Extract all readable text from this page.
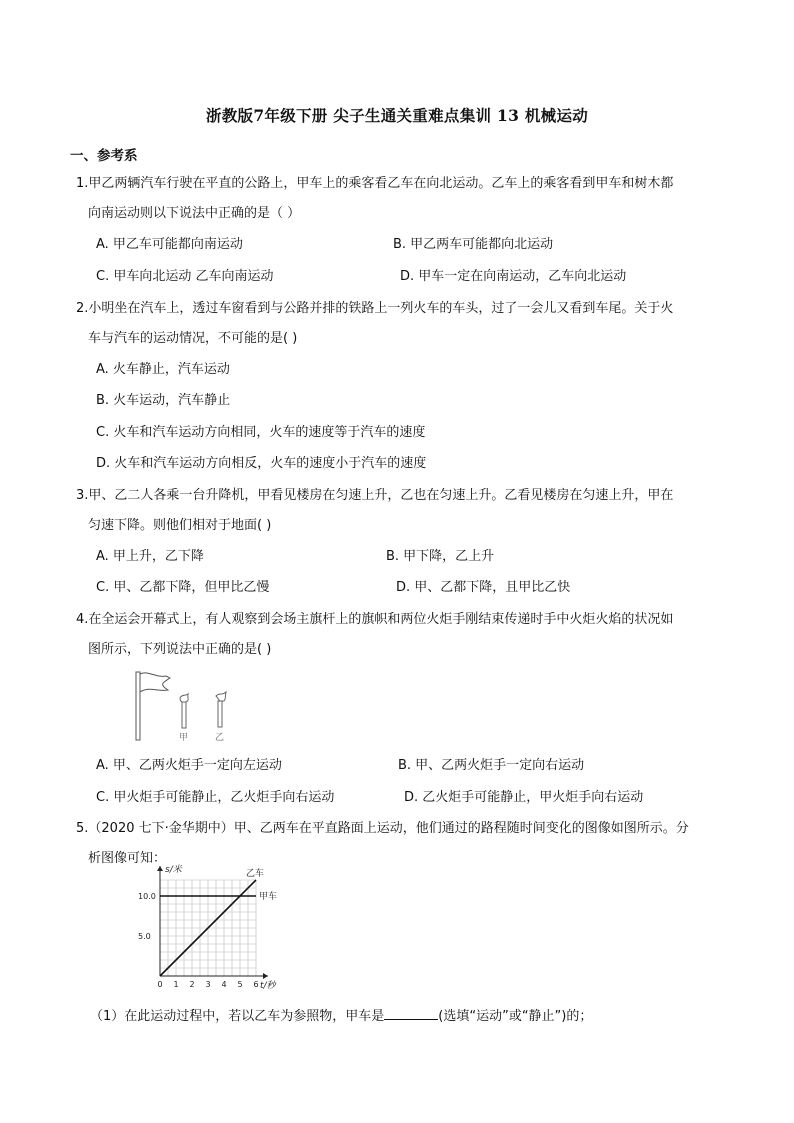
浙教版7年级下册 尖子生通关重难点集训 13 机械运动
一、参考系
1.甲乙两辆汽车行驶在平直的公路上，甲车上的乘客看乙车在向北运动。乙车上的乘客看到甲车和树木都
向南运动则以下说法中正确的是（ ）
A. 甲乙车可能都向南运动	B. 甲乙两车可能都向北运动
C. 甲车向北运动 乙车向南运动	D. 甲车一定在向南运动，乙车向北运动
2.小明坐在汽车上，透过车窗看到与公路并排的铁路上一列火车的车头，过了一会儿又看到车尾。关于火
车与汽车的运动情况，不可能的是( )
A. 火车静止，汽车运动
B. 火车运动，汽车静止
C. 火车和汽车运动方向相同，火车的速度等于汽车的速度
D. 火车和汽车运动方向相反，火车的速度小于汽车的速度
3.甲、乙二人各乘一台升降机，甲看见楼房在匀速上升，乙也在匀速上升。乙看见楼房在匀速上升，甲在
匀速下降。则他们相对于地面( )
A. 甲上升，乙下降	B. 甲下降，乙上升
C. 甲、乙都下降，但甲比乙慢	D. 甲、乙都下降，且甲比乙快
4.在全运会开幕式上，有人观察到会场主旗杆上的旗帜和两位火炬手刚结束传递时手中火炬火焰的状况如
图所示，下列说法中正确的是( )
甲	乙
A. 甲、乙两火炬手一定向左运动	B. 甲、乙两火炬手一定向右运动
C. 甲火炬手可能静止，乙火炬手向右运动	D. 乙火炬手可能静止，甲火炬手向右运动
5.（2020 七下·金华期中）甲、乙两车在平直路面上运动，他们通过的路程随时间变化的图像如图所示。分
析图像可知：
s/米
t/秒
0 1 2 3 4 5 6
5.0
10.0
乙车
甲车
（1）在此运动过程中，若以乙车为参照物，甲车是	(选填“运动”或“静止”)的；
